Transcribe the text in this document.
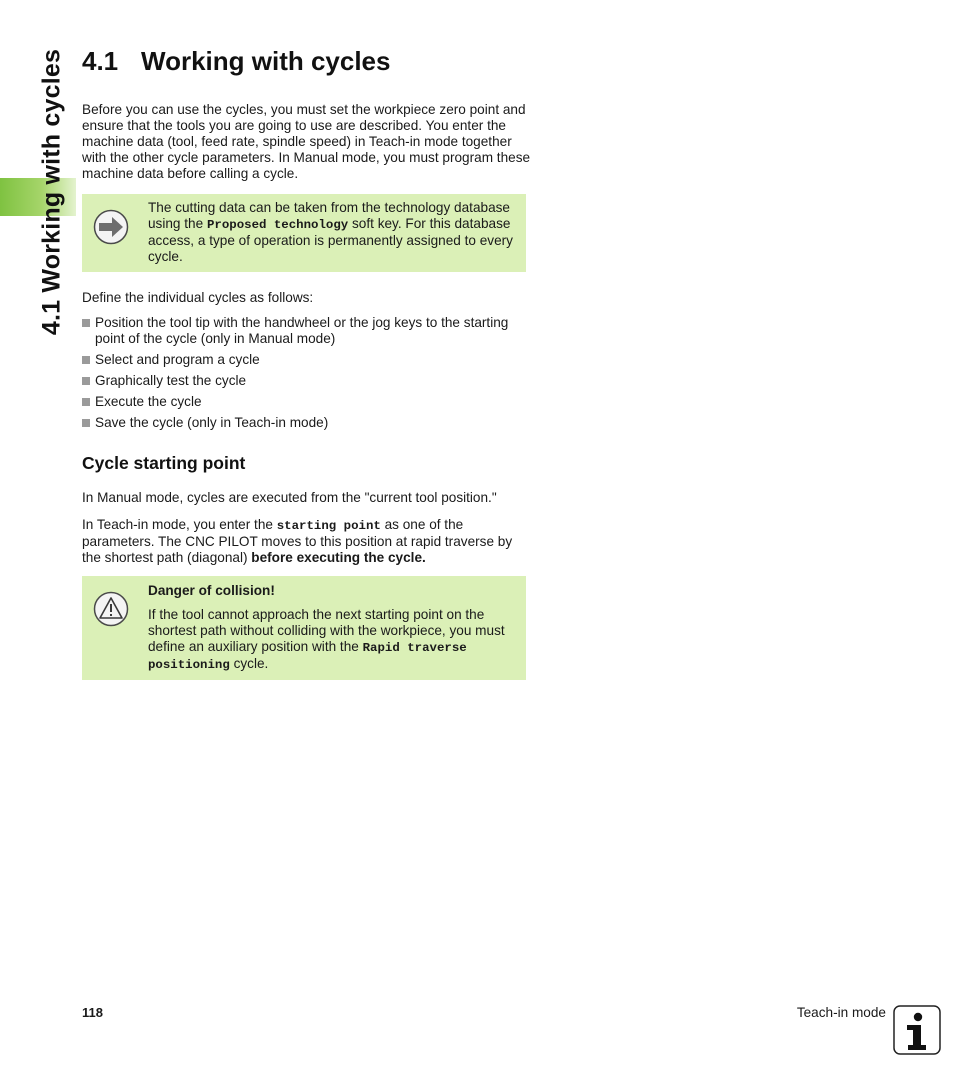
4.1 Working with cycles 4.1 Working with cycles

Before you can use the cycles, you must set the workpiece zero point and ensure that the tools you are going to use are described. You enter the machine data (tool, feed rate, spindle speed) in Teach-in mode together with the other cycle parameters. In Manual mode, you must program these machine data before calling a cycle.

The cutting data can be taken from the technology database using the Proposed technology soft key. For this database access, a type of operation is permanently assigned to every cycle.

Define the individual cycles as follows:

Position the tool tip with the handwheel or the jog keys to the starting point of the cycle (only in Manual mode)
Select and program a cycle
Graphically test the cycle
Execute the cycle
Save the cycle (only in Teach-in mode)
Cycle starting point

In Manual mode, cycles are executed from the "current tool position."

In Teach-in mode, you enter the starting point as one of the parameters. The CNC PILOT moves to this position at rapid traverse by the shortest path (diagonal) before executing the cycle.

Danger of collision!
If the tool cannot approach the next starting point on the shortest path without colliding with the workpiece, you must define an auxiliary position with the Rapid traverse positioning cycle.
118	Teach-in mode
